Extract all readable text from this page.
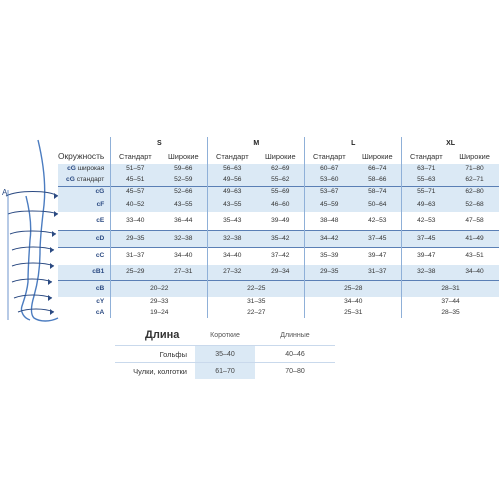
A
	S		M		L		XL	
Окружность	Стандарт	Широкие	Стандарт	Широкие	Стандарт	Широкие	Стандарт	Широкие
cG широкая	51–57	59–66	56–63	62–69	60–67	66–74	63–71	71–80
cG стандарт	45–51	52–59	49–56	55–62	53–60	58–66	55–63	62–71
cG	45–57	52–66	49–63	55–69	53–67	58–74	55–71	62–80
cF	40–52	43–55	43–55	46–60	45–59	50–64	49–63	52–68
cE	33–40	36–44	35–43	39–49	38–48	42–53	42–53	47–58
cD	29–35	32–38	32–38	35–42	34–42	37–45	37–45	41–49
cC	31–37	34–40	34–40	37–42	35–39	39–47	39–47	43–51
cB1	25–29	27–31	27–32	29–34	29–35	31–37	32–38	34–40
cB	20–22		22–25		25–28		28–31	
cY	29–33		31–35		34–40		37–44	
cA	19–24		22–27		25–31		28–35	
Длина	Короткие	Длинные
Гольфы	35–40	40–46
Чулки, колготки	61–70	70–80
